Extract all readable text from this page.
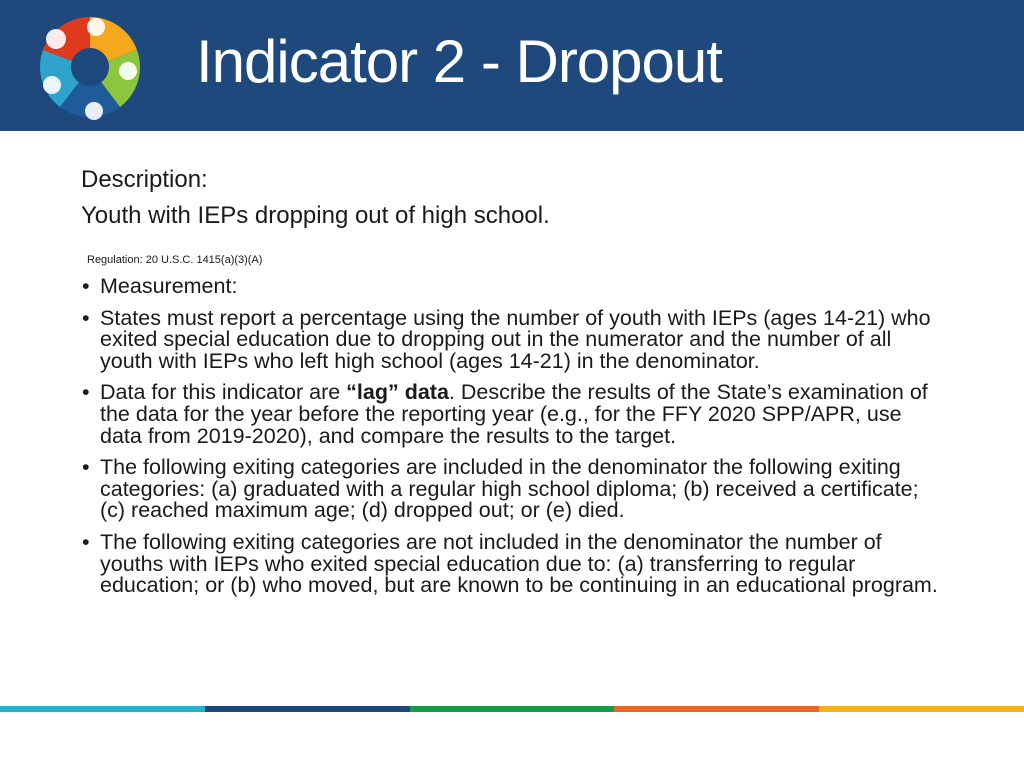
Indicator 2 - Dropout
Description:
Youth with IEPs dropping out of high school.
Regulation: 20 U.S.C. 1415(a)(3)(A)
• Measurement:
• States must report a percentage using the number of youth with IEPs (ages 14-21) who exited special education due to dropping out in the numerator and the number of all youth with IEPs who left high school (ages 14-21) in the denominator.
• Data for this indicator are “lag” data. Describe the results of the State’s examination of the data for the year before the reporting year (e.g., for the FFY 2020 SPP/APR, use data from 2019-2020), and compare the results to the target.
• The following exiting categories are included in the denominator the following exiting categories: (a) graduated with a regular high school diploma; (b) received a certificate; (c) reached maximum age; (d) dropped out; or (e) died.
• The following exiting categories are not included in the denominator the number of youths with IEPs who exited special education due to: (a) transferring to regular education; or (b) who moved, but are known to be continuing in an educational program.
